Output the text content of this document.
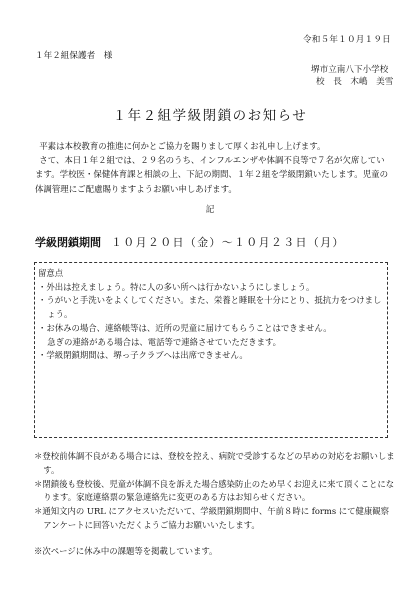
令和５年１０月１９日
１年２組保護者　様
堺市立南八下小学校
校　長　木嶋　美雪
１年２組学級閉鎖のお知らせ

平素は本校教育の推進に何かとご協力を賜りまして厚くお礼申し上げます。

さて、本日１年２組では、２９名のうち、インフルエンザや体調不良等で７名が欠席しています。学校医・保健体育課と相談の上、下記の期間、１年２組を学級閉鎖いたします。児童の体調管理にご配慮賜りますようお願い申しあげます。

記
学級閉鎖期間 １０月２０日（金）～１０月２３日（月）
留意点
・外出は控えましょう。特に人の多い所へは行かないようにしましょう。
・うがいと手洗いをよくしてください。また、栄養と睡眠を十分にとり、抵抗力をつけましょう。
・お休みの場合、連絡帳等は、近所の児童に届けてもらうことはできません。
急ぎの連絡がある場合は、電話等で連絡させていただきます。
・学級閉鎖期間は、堺っ子クラブへは出席できません。
＊登校前体調不良がある場合には、登校を控え、病院で受診するなどの早めの対応をお願いします。
＊閉鎖後も登校後、児童が体調不良を訴えた場合感染防止のため早くお迎えに来て頂くことになります。家庭連絡票の緊急連絡先に変更のある方はお知らせください。
＊通知文内の URL にアクセスいただいて、学級閉鎖期間中、午前８時に forms にて健康観察アンケートに回答いただくようご協力お願いいたします。
※次ページに休み中の課題等を掲載しています。
